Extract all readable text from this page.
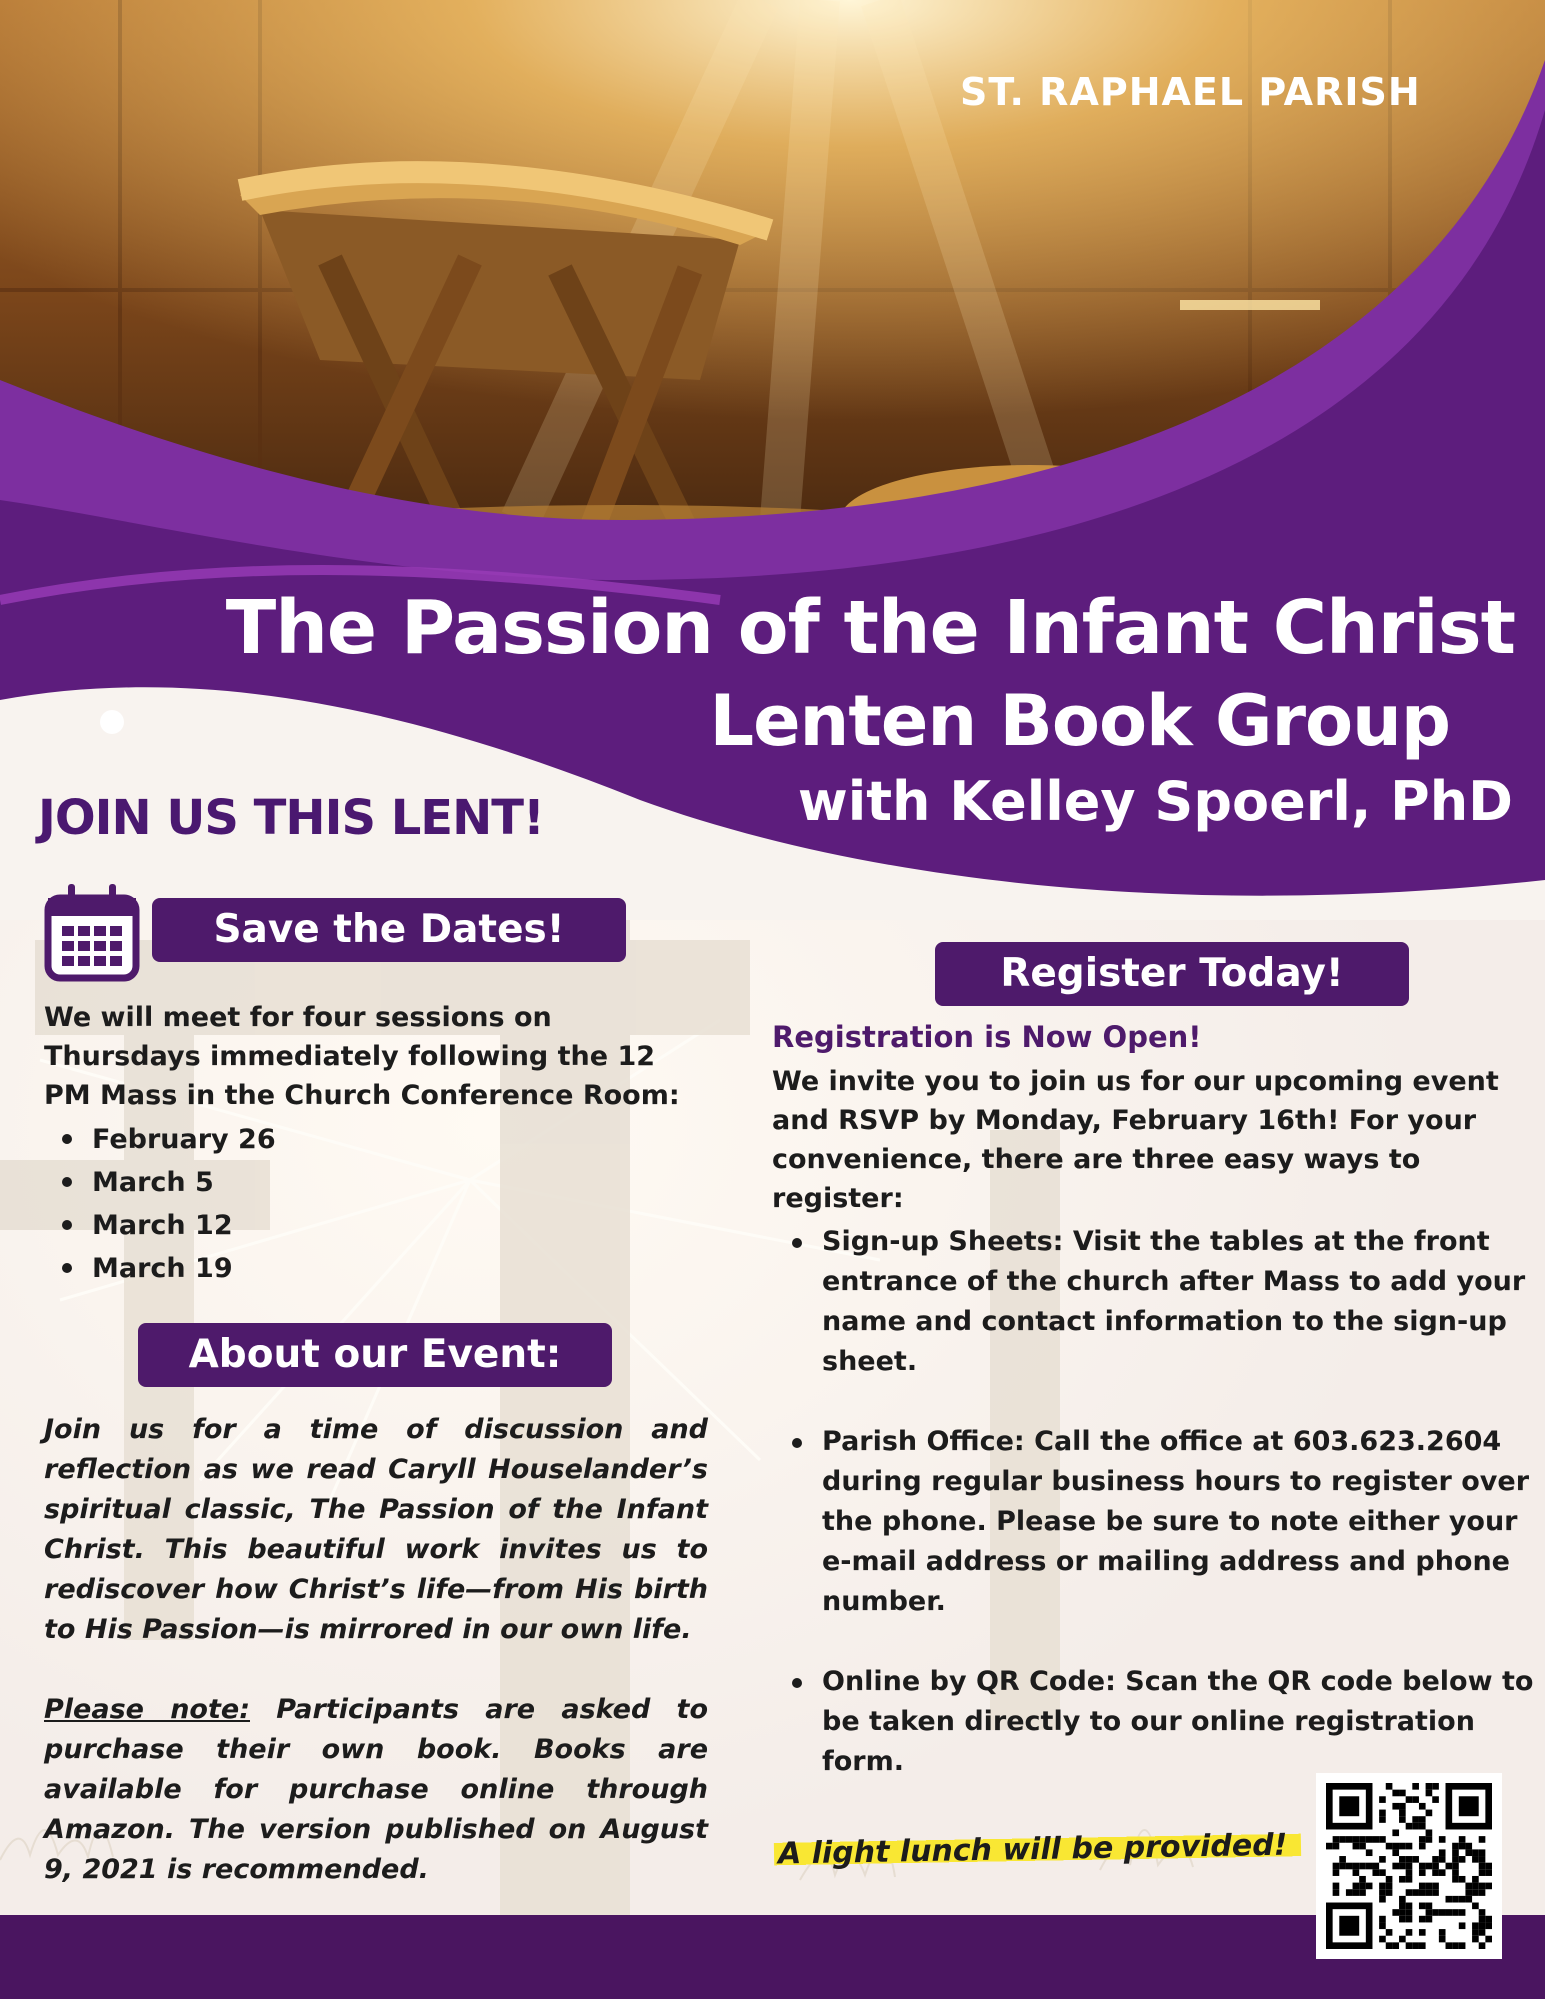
ST. RAPHAEL PARISH
The Passion of the Infant Christ
Lenten Book Group
with Kelley Spoerl, PhD
JOIN US THIS LENT!
Save the Dates!
We will meet for four sessions on Thursdays immediately following the 12 PM Mass in the Church Conference Room:
February 26
March 5
March 12
March 19
About our Event:

Join us for a time of discussion and reflection as we read Caryll Houselander’s spiritual classic, The Passion of the Infant Christ. This beautiful work invites us to rediscover how Christ’s life—from His birth to His Passion—is mirrored in our own life.

Please note: Participants are asked to purchase their own book. Books are available for purchase online through Amazon. The version published on August 9, 2021 is recommended.

Register Today!
Registration is Now Open!
We invite you to join us for our upcoming event and RSVP by Monday, February 16th! For your convenience, there are three easy ways to register:
Sign-up Sheets: Visit the tables at the front entrance of the church after Mass to add your name and contact information to the sign-up sheet.
Parish Office: Call the office at 603.623.2604 during regular business hours to register over the phone. Please be sure to note either your e-mail address or mailing address and phone number.
Online by QR Code: Scan the QR code below to be taken directly to our online registration form.
A light lunch will be provided!
